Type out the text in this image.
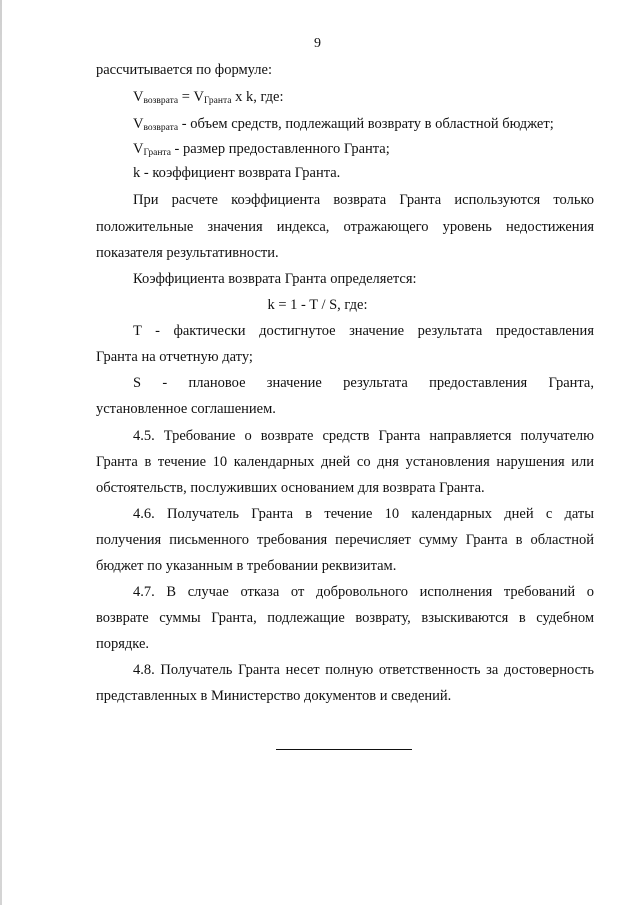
9
рассчитывается по формуле:
$V_{возврата} = V_{Гранта}$ x k, где:
$V_{возврата}$ - объем средств, подлежащий возврату в областной бюджет;
$V_{Гранта}$ - размер предоставленного Гранта;
k - коэффициент возврата Гранта.
При расчете коэффициента возврата Гранта используются только
положительные значения индекса, отражающего уровень недостижения
показателя результативности.
Коэффициента возврата Гранта определяется:
k = 1 - T / S, где:
T - фактически достигнутое значение результата предоставления
Гранта на отчетную дату;
S - плановое значение результата предоставления Гранта,
установленное соглашением.
4.5. Требование о возврате средств Гранта направляется получателю
Гранта в течение 10 календарных дней со дня установления нарушения или
обстоятельств, послуживших основанием для возврата Гранта.
4.6. Получатель Гранта в течение 10 календарных дней с даты
получения письменного требования перечисляет сумму Гранта в областной
бюджет по указанным в требовании реквизитам.
4.7. В случае отказа от добровольного исполнения требований о
возврате суммы Гранта, подлежащие возврату, взыскиваются в судебном
порядке.
4.8. Получатель Гранта несет полную ответственность за достоверность
представленных в Министерство документов и сведений.
